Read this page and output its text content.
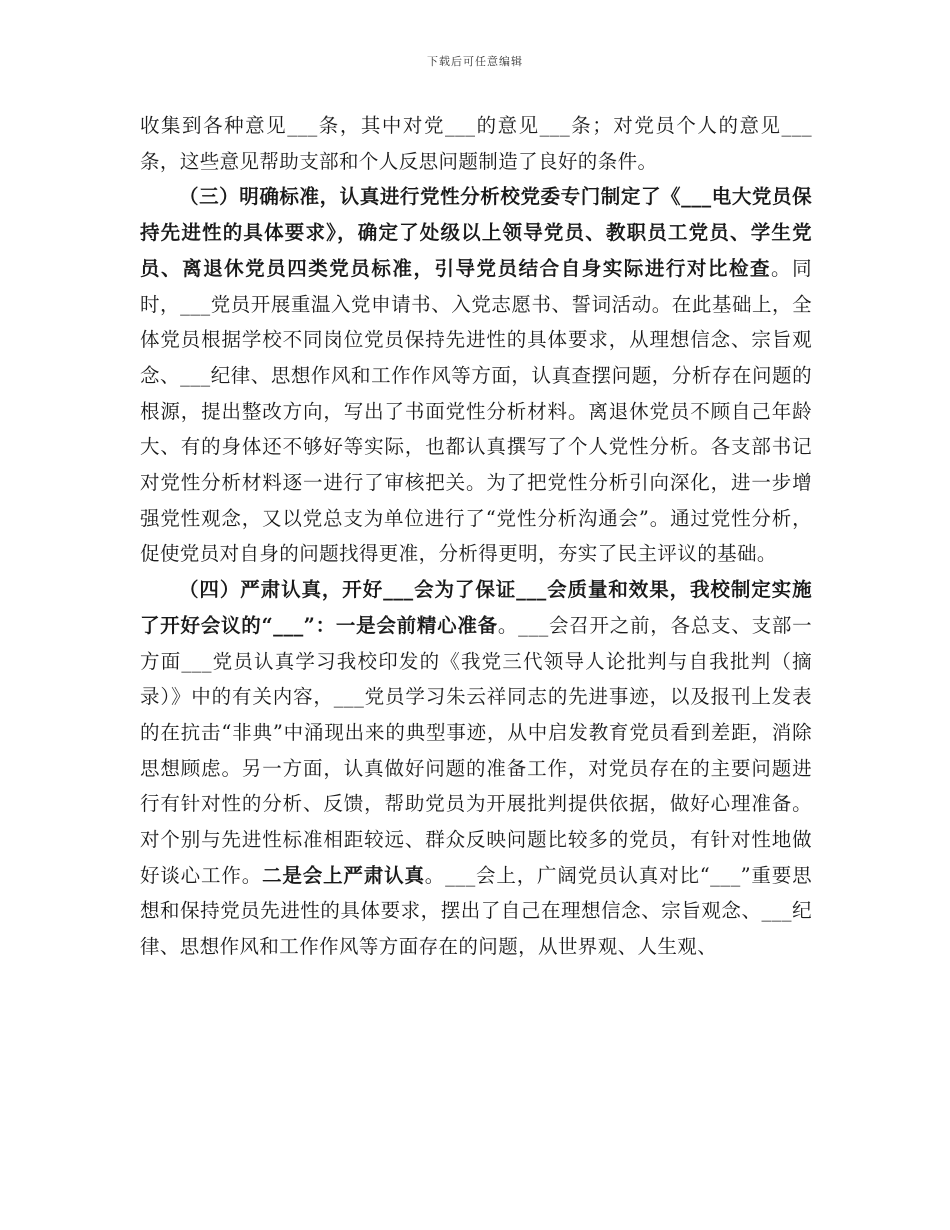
下载后可任意编辑

收集到各种意见___条，其中对党___的意见___条；对党员个人的意见___条，这些意见帮助支部和个人反思问题制造了良好的条件。

（三）明确标准，认真进行党性分析校党委专门制定了《___电大党员保持先进性的具体要求》，确定了处级以上领导党员、教职员工党员、学生党员、离退休党员四类党员标准，引导党员结合自身实际进行对比检查。同时，___党员开展重温入党申请书、入党志愿书、誓词活动。在此基础上，全体党员根据学校不同岗位党员保持先进性的具体要求，从理想信念、宗旨观念、___纪律、思想作风和工作作风等方面，认真查摆问题，分析存在问题的根源，提出整改方向，写出了书面党性分析材料。离退休党员不顾自己年龄大、有的身体还不够好等实际，也都认真撰写了个人党性分析。各支部书记对党性分析材料逐一进行了审核把关。为了把党性分析引向深化，进一步增强党性观念，又以党总支为单位进行了“党性分析沟通会”。通过党性分析，促使党员对自身的问题找得更准，分析得更明，夯实了民主评议的基础。

（四）严肃认真，开好___会为了保证___会质量和效果，我校制定实施了开好会议的“___”：一是会前精心准备。___会召开之前，各总支、支部一方面___党员认真学习我校印发的《我党三代领导人论批判与自我批判（摘录）》中的有关内容，___党员学习朱云祥同志的先进事迹，以及报刊上发表的在抗击“非典”中涌现出来的典型事迹，从中启发教育党员看到差距，消除思想顾虑。另一方面，认真做好问题的准备工作，对党员存在的主要问题进行有针对性的分析、反馈，帮助党员为开展批判提供依据，做好心理准备。对个别与先进性标准相距较远、群众反映问题比较多的党员，有针对性地做好谈心工作。二是会上严肃认真。___会上，广阔党员认真对比“___”重要思想和保持党员先进性的具体要求，摆出了自己在理想信念、宗旨观念、___纪律、思想作风和工作作风等方面存在的问题，从世界观、人生观、
